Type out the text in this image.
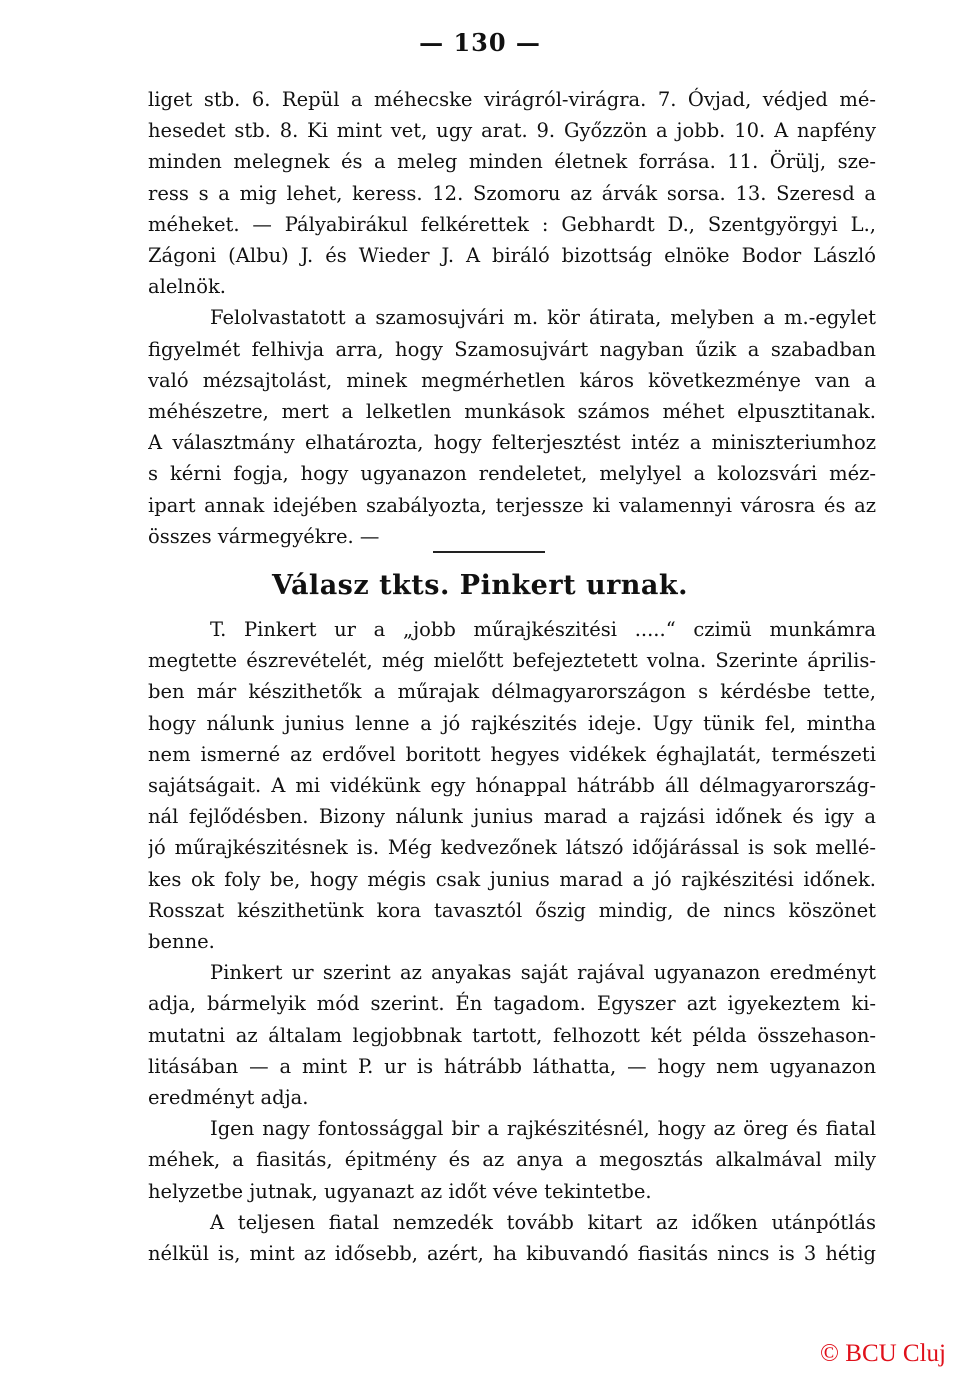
— 130 —
liget stb. 6. Repül a méhecske virágról-virágra. 7. Óvjad, védjed mé-
hesedet stb. 8. Ki mint vet, ugy arat. 9. Győzzön a jobb. 10. A napfény
minden melegnek és a meleg minden életnek forrása. 11. Örülj, sze-
ress s a mig lehet, keress. 12. Szomoru az árvák sorsa. 13. Szeresd a
méheket. — Pályabirákul felkérettek : Gebhardt D., Szentgyörgyi L.,
Zágoni (Albu) J. és Wieder J. A biráló bizottság elnöke Bodor László
alelnök.
Felolvastatott a szamosujvári m. kör átirata, melyben a m.-egylet
figyelmét felhivja arra, hogy Szamosujvárt nagyban űzik a szabadban
való mézsajtolást, minek megmérhetlen káros következménye van a
méhészetre, mert a lelketlen munkások számos méhet elpusztitanak.
A választmány elhatározta, hogy felterjesztést intéz a miniszteriumhoz
s kérni fogja, hogy ugyanazon rendeletet, melylyel a kolozsvári méz-
ipart annak idejében szabályozta, terjessze ki valamennyi városra és az
összes vármegyékre. —
Válasz tkts. Pinkert urnak.
T. Pinkert ur a „jobb műrajkészitési .....“ czimü munkámra
megtette észrevételét, még mielőtt befejeztetett volna. Szerinte április-
ben már készithetők a műrajak délmagyarországon s kérdésbe tette,
hogy nálunk junius lenne a jó rajkészités ideje. Ugy tünik fel, mintha
nem ismerné az erdővel boritott hegyes vidékek éghajlatát, természeti
sajátságait. A mi vidékünk egy hónappal hátrább áll délmagyarország-
nál fejlődésben. Bizony nálunk junius marad a rajzási időnek és igy a
jó műrajkészitésnek is. Még kedvezőnek látszó időjárással is sok mellé-
kes ok foly be, hogy mégis csak junius marad a jó rajkészitési időnek.
Rosszat készithetünk kora tavasztól őszig mindig, de nincs köszönet
benne.
Pinkert ur szerint az anyakas saját rajával ugyanazon eredményt
adja, bármelyik mód szerint. Én tagadom. Egyszer azt igyekeztem ki-
mutatni az általam legjobbnak tartott, felhozott két példa összehason-
litásában — a mint P. ur is hátrább láthatta, — hogy nem ugyanazon
eredményt adja.
Igen nagy fontossággal bir a rajkészitésnél, hogy az öreg és fiatal
méhek, a fiasitás, épitmény és az anya a megosztás alkalmával mily
helyzetbe jutnak, ugyanazt az időt véve tekintetbe.
A teljesen fiatal nemzedék tovább kitart az időken utánpótlás
nélkül is, mint az idősebb, azért, ha kibuvandó fiasitás nincs is 3 hétig
© BCU Cluj
